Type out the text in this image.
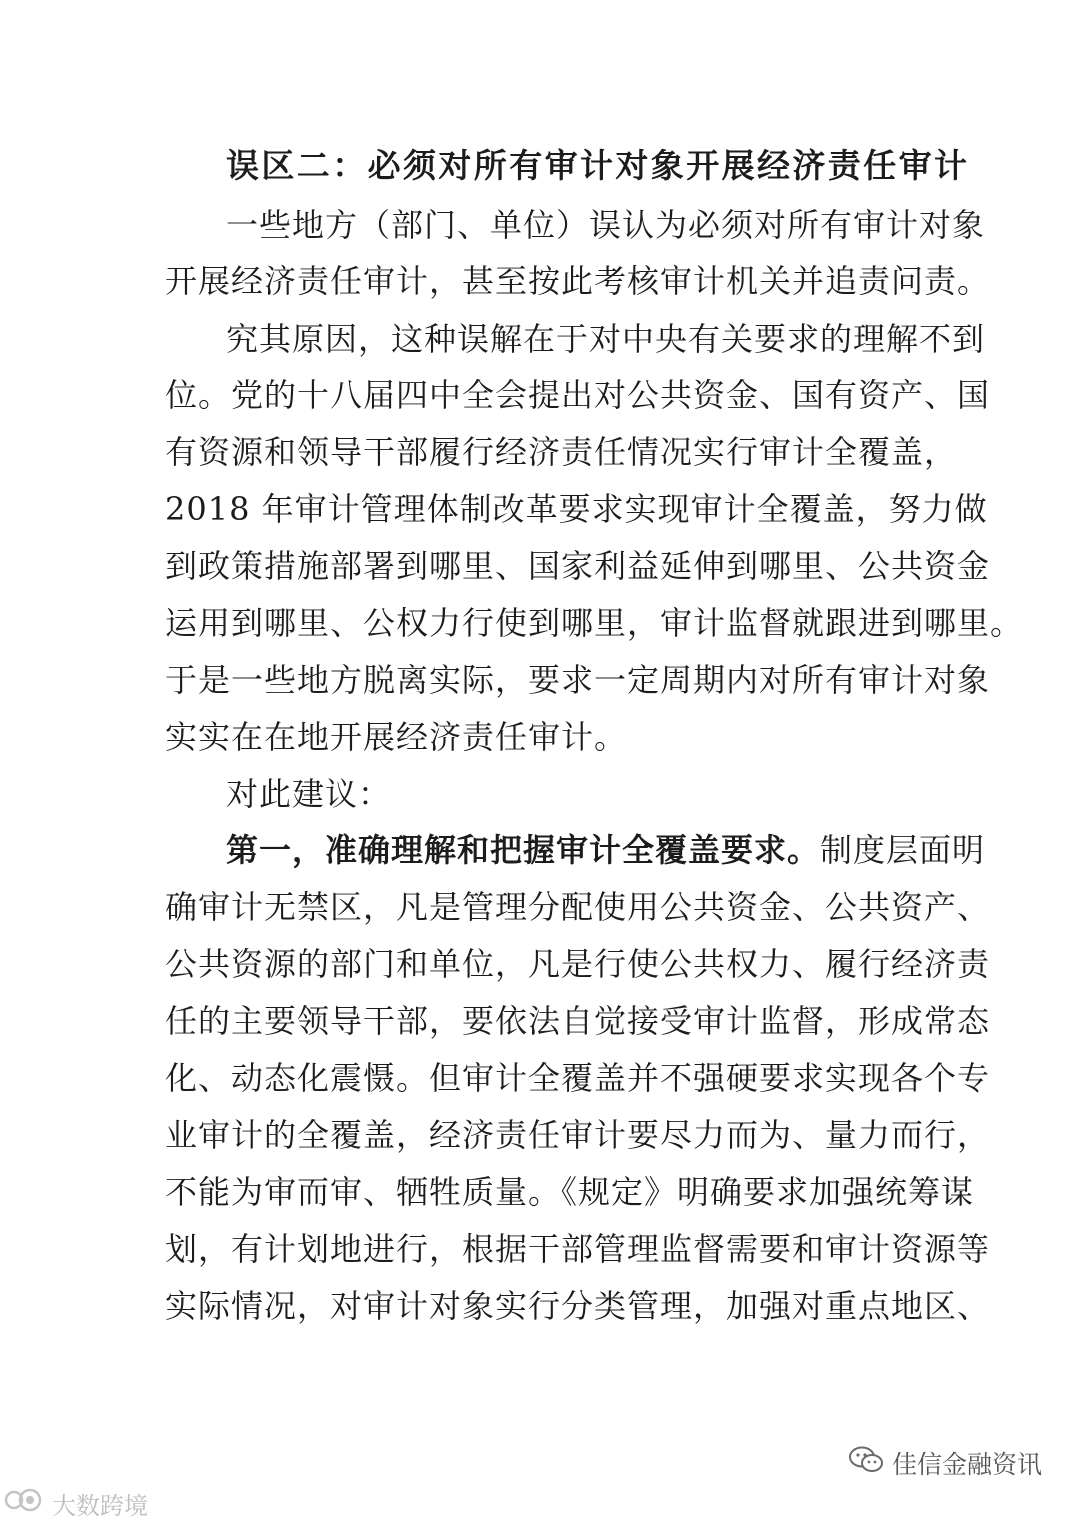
误区二：必须对所有审计对象开展经济责任审计

一些地方（部门、单位）误认为必须对所有审计对象

开展经济责任审计，甚至按此考核审计机关并追责问责。

究其原因，这种误解在于对中央有关要求的理解不到

位。党的十八届四中全会提出对公共资金、国有资产、国

有资源和领导干部履行经济责任情况实行审计全覆盖，

2018 年审计管理体制改革要求实现审计全覆盖，努力做

到政策措施部署到哪里、国家利益延伸到哪里、公共资金

运用到哪里、公权力行使到哪里，审计监督就跟进到哪里。

于是一些地方脱离实际，要求一定周期内对所有审计对象

实实在在地开展经济责任审计。

对此建议：

第一，准确理解和把握审计全覆盖要求。制度层面明

确审计无禁区，凡是管理分配使用公共资金、公共资产、

公共资源的部门和单位，凡是行使公共权力、履行经济责

任的主要领导干部，要依法自觉接受审计监督，形成常态

化、动态化震慑。但审计全覆盖并不强硬要求实现各个专

业审计的全覆盖，经济责任审计要尽力而为、量力而行，

不能为审而审、牺牲质量。《规定》明确要求加强统筹谋

划，有计划地进行，根据干部管理监督需要和审计资源等

实际情况，对审计对象实行分类管理，加强对重点地区、

大数跨境
佳信金融资讯
